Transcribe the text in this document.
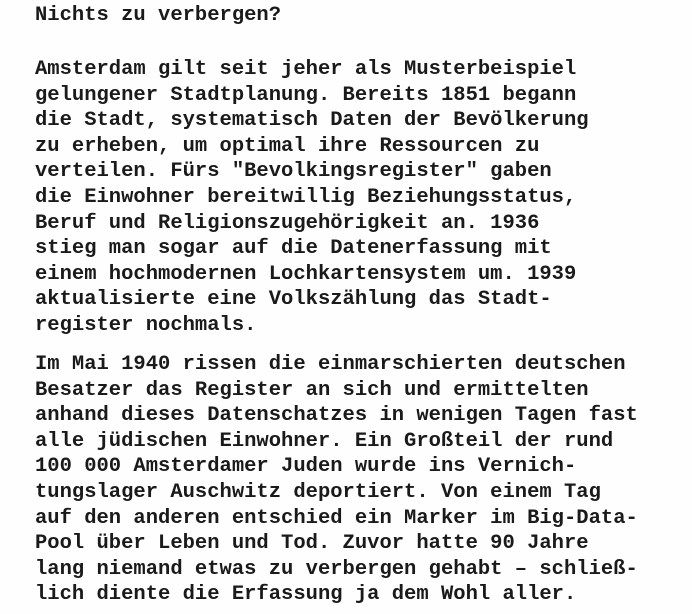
Nichts zu verbergen?

Amsterdam gilt seit jeher als Musterbeispiel
gelungener Stadtplanung. Bereits 1851 begann
die Stadt, systematisch Daten der Bevölkerung
zu erheben, um optimal ihre Ressourcen zu
verteilen. Fürs "Bevolkingsregister" gaben
die Einwohner bereitwillig Beziehungsstatus,
Beruf und Religionszugehörigkeit an. 1936
stieg man sogar auf die Datenerfassung mit
einem hochmodernen Lochkartensystem um. 1939
aktualisierte eine Volkszählung das Stadt-
register nochmals.

Im Mai 1940 rissen die einmarschierten deutschen
Besatzer das Register an sich und ermittelten
anhand dieses Datenschatzes in wenigen Tagen fast
alle jüdischen Einwohner. Ein Großteil der rund
100 000 Amsterdamer Juden wurde ins Vernich-
tungslager Auschwitz deportiert. Von einem Tag
auf den anderen entschied ein Marker im Big-Data-
Pool über Leben und Tod. Zuvor hatte 90 Jahre
lang niemand etwas zu verbergen gehabt – schließ-
lich diente die Erfassung ja dem Wohl aller.
